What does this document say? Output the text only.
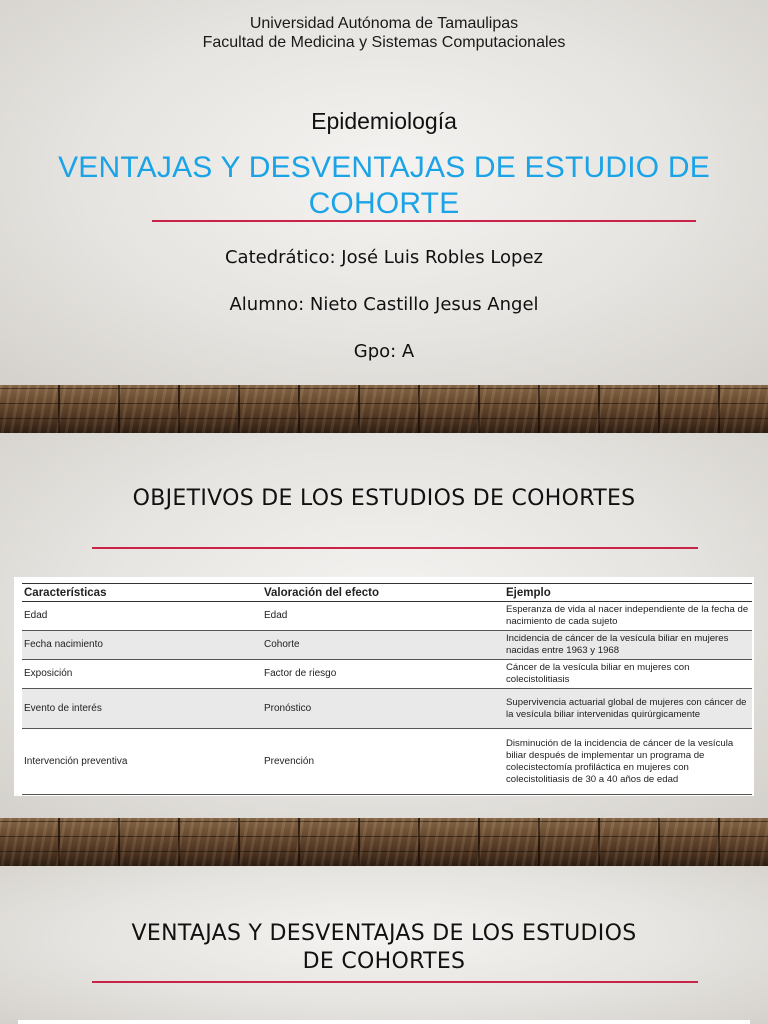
Universidad Autónoma de Tamaulipas
Facultad de Medicina y Sistemas Computacionales
Epidemiología
VENTAJAS Y DESVENTAJAS DE ESTUDIO DE
COHORTE
Catedrático: José Luis Robles Lopez
Alumno: Nieto Castillo Jesus Angel
Gpo: A
OBJETIVOS DE LOS ESTUDIOS DE COHORTES
Características	Valoración del efecto	Ejemplo
Edad	Edad	Esperanza de vida al nacer independiente de la fecha de nacimiento de cada sujeto
Fecha nacimiento	Cohorte	Incidencia de cáncer de la vesícula biliar en mujeres nacidas entre 1963 y 1968
Exposición	Factor de riesgo	Cáncer de la vesícula biliar en mujeres con colecistolitiasis
Evento de interés	Pronóstico	Supervivencia actuarial global de mujeres con cáncer de la vesícula biliar intervenidas quirúrgicamente
Intervención preventiva	Prevención	Disminución de la incidencia de cáncer de la vesícula biliar después de implementar un programa de colecistectomía profiláctica en mujeres con colecistolitiasis de 30 a 40 años de edad
VENTAJAS Y DESVENTAJAS DE LOS ESTUDIOS
DE COHORTES
